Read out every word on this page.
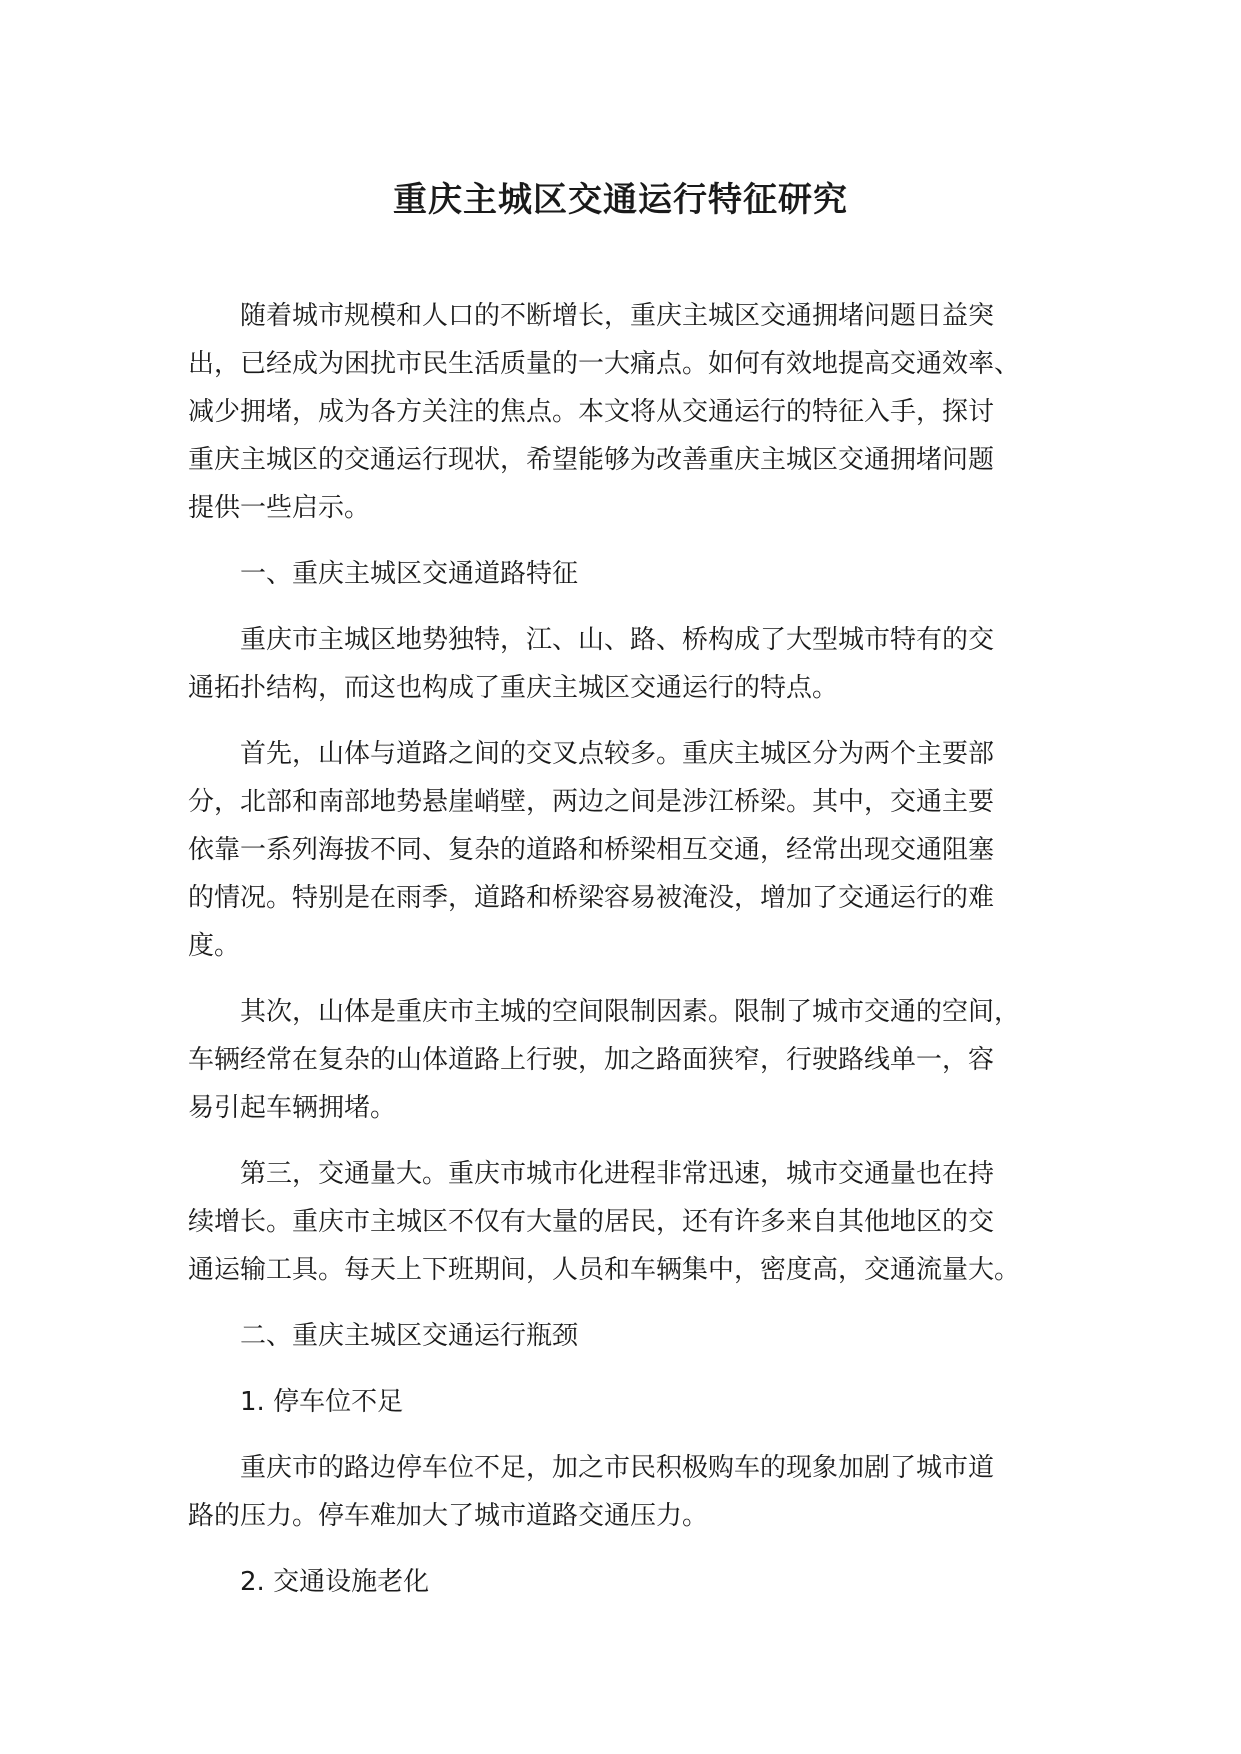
重庆主城区交通运行特征研究

随着城市规模和人口的不断增长，重庆主城区交通拥堵问题日益突
出，已经成为困扰市民生活质量的一大痛点。如何有效地提高交通效率、
减少拥堵，成为各方关注的焦点。本文将从交通运行的特征入手，探讨
重庆主城区的交通运行现状，希望能够为改善重庆主城区交通拥堵问题
提供一些启示。

一、重庆主城区交通道路特征

重庆市主城区地势独特，江、山、路、桥构成了大型城市特有的交
通拓扑结构，而这也构成了重庆主城区交通运行的特点。

首先，山体与道路之间的交叉点较多。重庆主城区分为两个主要部
分，北部和南部地势悬崖峭壁，两边之间是涉江桥梁。其中，交通主要
依靠一系列海拔不同、复杂的道路和桥梁相互交通，经常出现交通阻塞
的情况。特别是在雨季，道路和桥梁容易被淹没，增加了交通运行的难
度。

其次，山体是重庆市主城的空间限制因素。限制了城市交通的空间，
车辆经常在复杂的山体道路上行驶，加之路面狭窄，行驶路线单一，容
易引起车辆拥堵。

第三，交通量大。重庆市城市化进程非常迅速，城市交通量也在持
续增长。重庆市主城区不仅有大量的居民，还有许多来自其他地区的交
通运输工具。每天上下班期间，人员和车辆集中，密度高，交通流量大。

二、重庆主城区交通运行瓶颈

1. 停车位不足

重庆市的路边停车位不足，加之市民积极购车的现象加剧了城市道
路的压力。停车难加大了城市道路交通压力。

2. 交通设施老化
